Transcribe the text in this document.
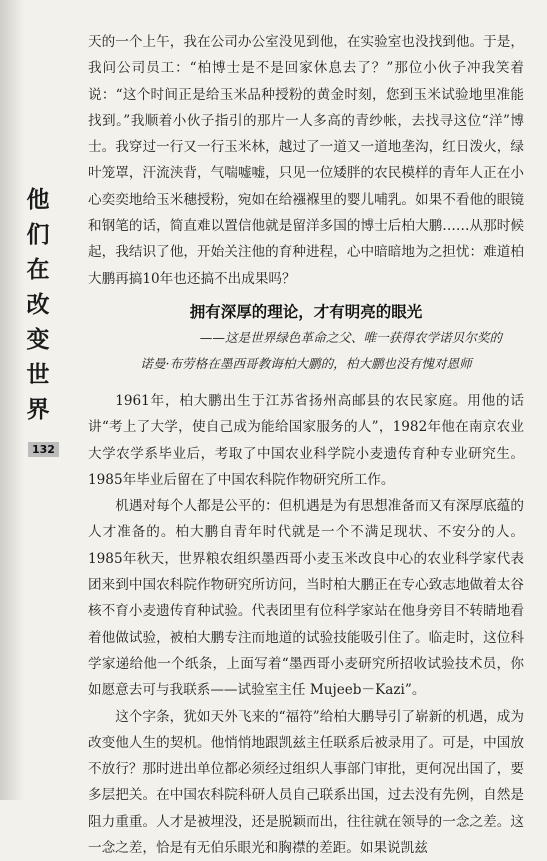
他
们
在
改
变
世
界
132

天的一个上午，我在公司办公室没见到他，在实验室也没找到他。于是，我问公司员工：“柏博士是不是回家休息去了？”那位小伙子冲我笑着说：“这个时间正是给玉米品种授粉的黄金时刻，您到玉米试验地里准能找到。”我顺着小伙子指引的那片一人多高的青纱帐，去找寻这位“洋”博士。我穿过一行又一行玉米林，越过了一道又一道地垄沟，红日泼火，绿叶笼罩，汗流浃背，气喘嘘嘘，只见一位矮胖的农民模样的青年人正在小心奕奕地给玉米穗授粉，宛如在给襁褓里的婴儿哺乳。如果不看他的眼镜和钢笔的话，简直难以置信他就是留洋多国的博士后柏大鹏……从那时候起，我结识了他，开始关注他的育种进程，心中暗暗地为之担忧：难道柏大鹏再搞10年也还搞不出成果吗？

拥有深厚的理论，才有明亮的眼光
——这是世界绿色革命之父、唯一获得农学诺贝尔奖的
诺曼·布劳格在墨西哥教诲柏大鹏的，柏大鹏也没有愧对恩师

1961年，柏大鹏出生于江苏省扬州高邮县的农民家庭。用他的话讲“考上了大学，使自己成为能给国家服务的人”，1982年他在南京农业大学农学系毕业后，考取了中国农业科学院小麦遗传育种专业研究生。1985年毕业后留在了中国农科院作物研究所工作。

机遇对每个人都是公平的：但机遇是为有思想准备而又有深厚底蕴的人才准备的。柏大鹏自青年时代就是一个不满足现状、不安分的人。1985年秋天，世界粮农组织墨西哥小麦玉米改良中心的农业科学家代表团来到中国农科院作物研究所访问，当时柏大鹏正在专心致志地做着太谷核不育小麦遗传育种试验。代表团里有位科学家站在他身旁目不转睛地看着他做试验，被柏大鹏专注而地道的试验技能吸引住了。临走时，这位科学家递给他一个纸条，上面写着“墨西哥小麦研究所招收试验技术员，你如愿意去可与我联系——试验室主任 Mujeeb－Kazi”。

这个字条，犹如天外飞来的“福符”给柏大鹏导引了崭新的机遇，成为改变他人生的契机。他悄悄地跟凯兹主任联系后被录用了。可是，中国放不放行？那时进出单位都必须经过组织人事部门审批，更何况出国了，要多层把关。在中国农科院科研人员自己联系出国，过去没有先例，自然是阻力重重。人才是被埋没，还是脱颖而出，往往就在领导的一念之差。这一念之差，恰是有无伯乐眼光和胸襟的差距。如果说凯兹
